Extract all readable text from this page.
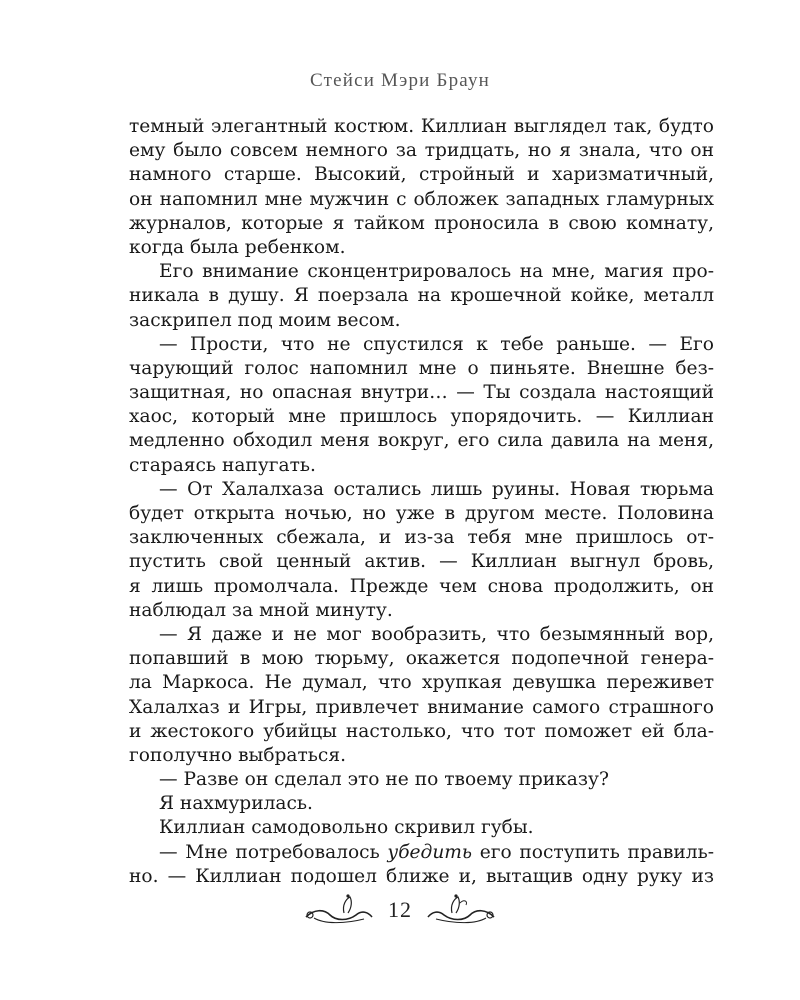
Стейси Мэри Браун
темный элегантный костюм. Киллиан выглядел так, будто
ему было совсем немного за тридцать, но я знала, что он
намного старше. Высокий, стройный и харизматичный,
он напомнил мне мужчин с обложек западных гламурных
журналов, которые я тайком проносила в свою комнату,
когда была ребенком.
Его внимание сконцентрировалось на мне, магия про-
никала в душу. Я поерзала на крошечной койке, металл
заскрипел под моим весом.
— Прости, что не спустился к тебе раньше. — Его
чарующий голос напомнил мне о пиньяте. Внешне без-
защитная, но опасная внутри… — Ты создала настоящий
хаос, который мне пришлось упорядочить. — Киллиан
медленно обходил меня вокруг, его сила давила на меня,
стараясь напугать.
— От Халалхаза остались лишь руины. Новая тюрьма
будет открыта ночью, но уже в другом месте. Половина
заключенных сбежала, и из-за тебя мне пришлось от-
пустить свой ценный актив. — Киллиан выгнул бровь,
я лишь промолчала. Прежде чем снова продолжить, он
наблюдал за мной минуту.
— Я даже и не мог вообразить, что безымянный вор,
попавший в мою тюрьму, окажется подопечной генера-
ла Маркоса. Не думал, что хрупкая девушка переживет
Халалхаз и Игры, привлечет внимание самого страшного
и жестокого убийцы настолько, что тот поможет ей бла-
гополучно выбраться.
— Разве он сделал это не по твоему приказу?
Я нахмурилась.
Киллиан самодовольно скривил губы.
— Мне потребовалось убедить его поступить правиль-
но. — Киллиан подошел ближе и, вытащив одну руку из
12
